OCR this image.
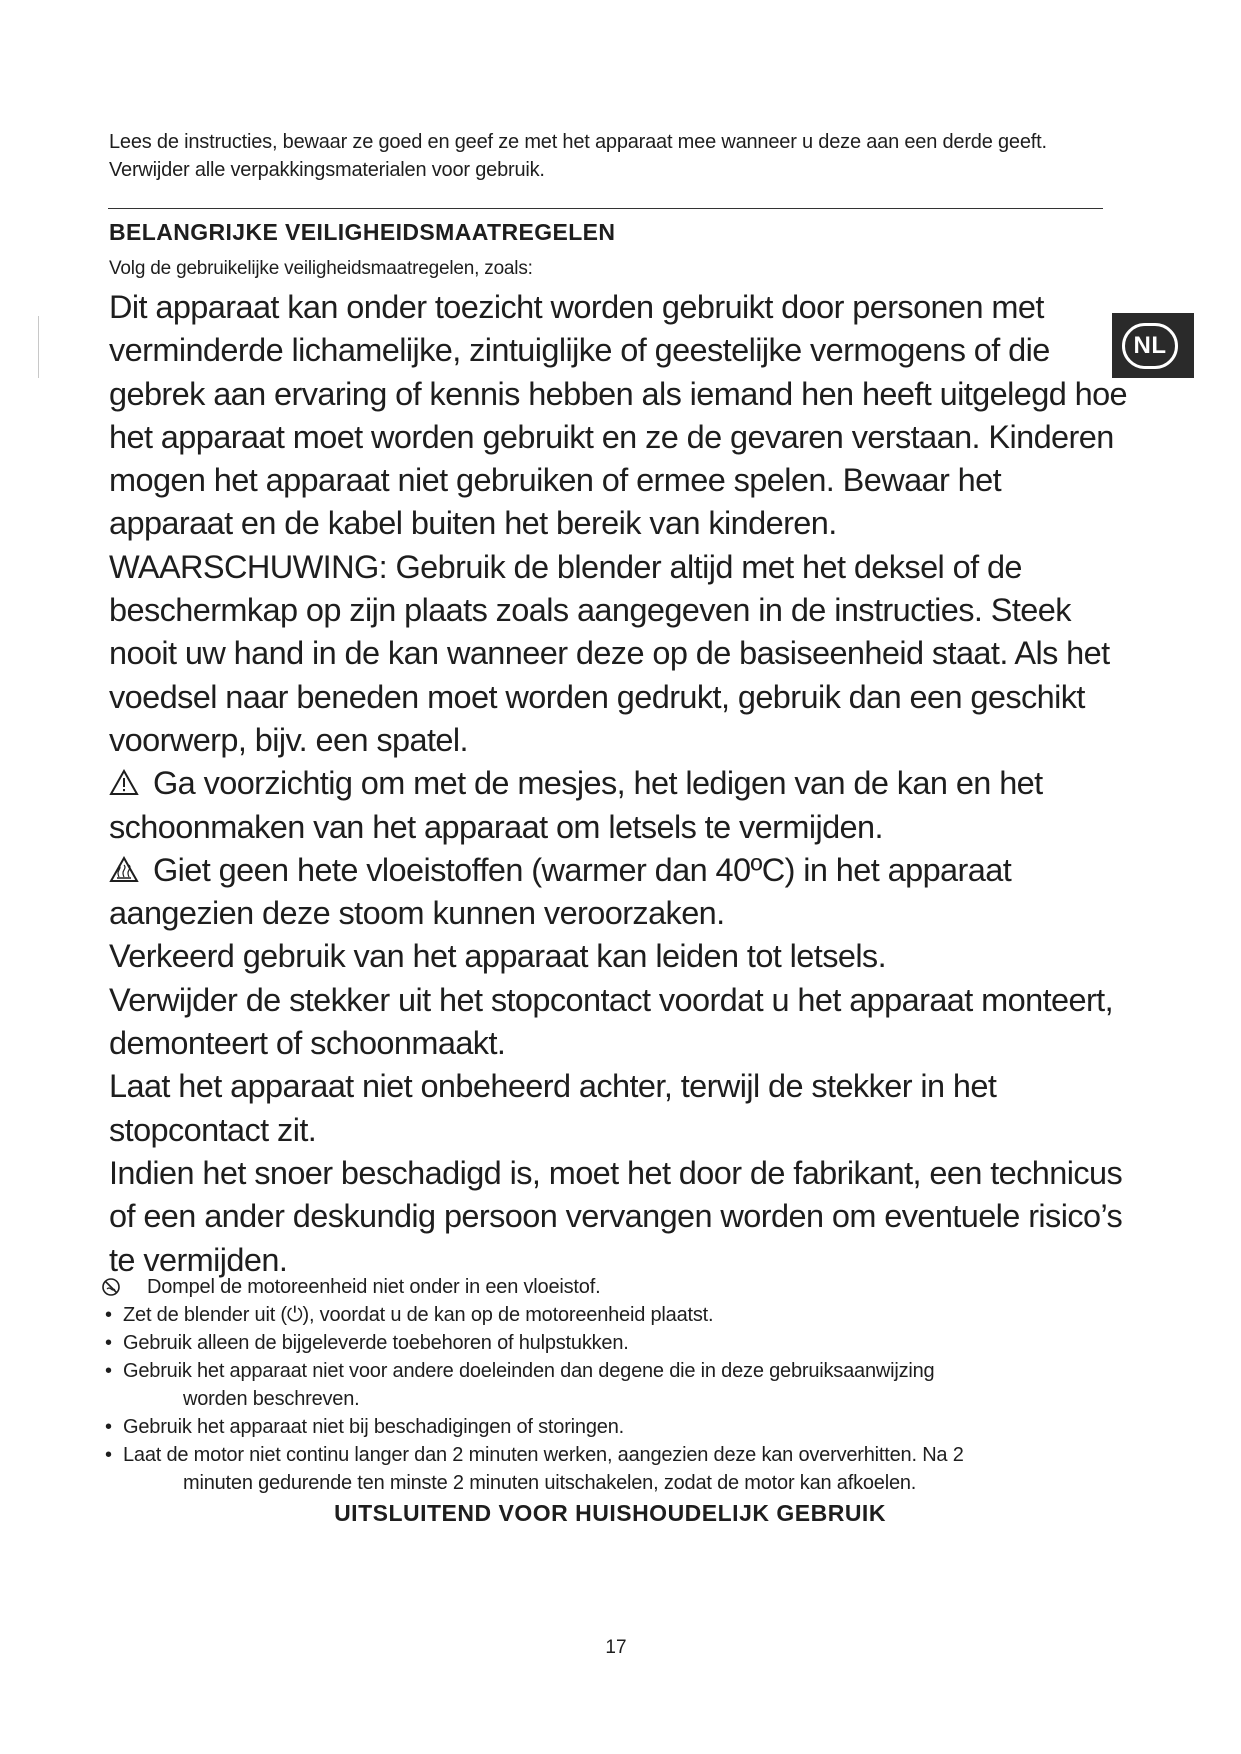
Lees de instructies, bewaar ze goed en geef ze met het apparaat mee wanneer u deze aan een derde geeft. Verwijder alle verpakkingsmaterialen voor gebruik.
BELANGRIJKE VEILIGHEIDSMAATREGELEN
Volg de gebruikelijke veiligheidsmaatregelen, zoals:
NL

Dit apparaat kan onder toezicht worden gebruikt door personen met verminderde lichamelijke, zintuiglijke of geestelijke vermogens of die gebrek aan ervaring of kennis hebben als iemand hen heeft uitgelegd hoe het apparaat moet worden gebruikt en ze de gevaren verstaan. Kinderen mogen het apparaat niet gebruiken of ermee spelen. Bewaar het apparaat en de kabel buiten het bereik van kinderen.

WAARSCHUWING: Gebruik de blender altijd met het deksel of de beschermkap op zijn plaats zoals aangegeven in de instructies. Steek nooit uw hand in de kan wanneer deze op de basiseenheid staat. Als het voedsel naar beneden moet worden gedrukt, gebruik dan een geschikt voorwerp, bijv. een spatel.

Ga voorzichtig om met de mesjes, het ledigen van de kan en het schoonmaken van het apparaat om letsels te vermijden.

Giet geen hete vloeistoffen (warmer dan 40ºC) in het apparaat aangezien deze stoom kunnen veroorzaken.

Verkeerd gebruik van het apparaat kan leiden tot letsels.

Verwijder de stekker uit het stopcontact voordat u het apparaat monteert, demonteert of schoonmaakt.

Laat het apparaat niet onbeheerd achter, terwijl de stekker in het stopcontact zit.

Indien het snoer beschadigd is, moet het door de fabrikant, een technicus of een ander deskundig persoon vervangen worden om eventuele risico’s te vermijden.

Dompel de motoreenheid niet onder in een vloeistof.
• Zet de blender uit (⏻), voordat u de kan op de motoreenheid plaatst.
• Gebruik alleen de bijgeleverde toebehoren of hulpstukken.
• Gebruik het apparaat niet voor andere doeleinden dan degene die in deze gebruiksaanwijzing
worden beschreven.
• Gebruik het apparaat niet bij beschadigingen of storingen.
• Laat de motor niet continu langer dan 2 minuten werken, aangezien deze kan oververhitten. Na 2
minuten gedurende ten minste 2 minuten uitschakelen, zodat de motor kan afkoelen.
UITSLUITEND VOOR HUISHOUDELIJK GEBRUIK
17
